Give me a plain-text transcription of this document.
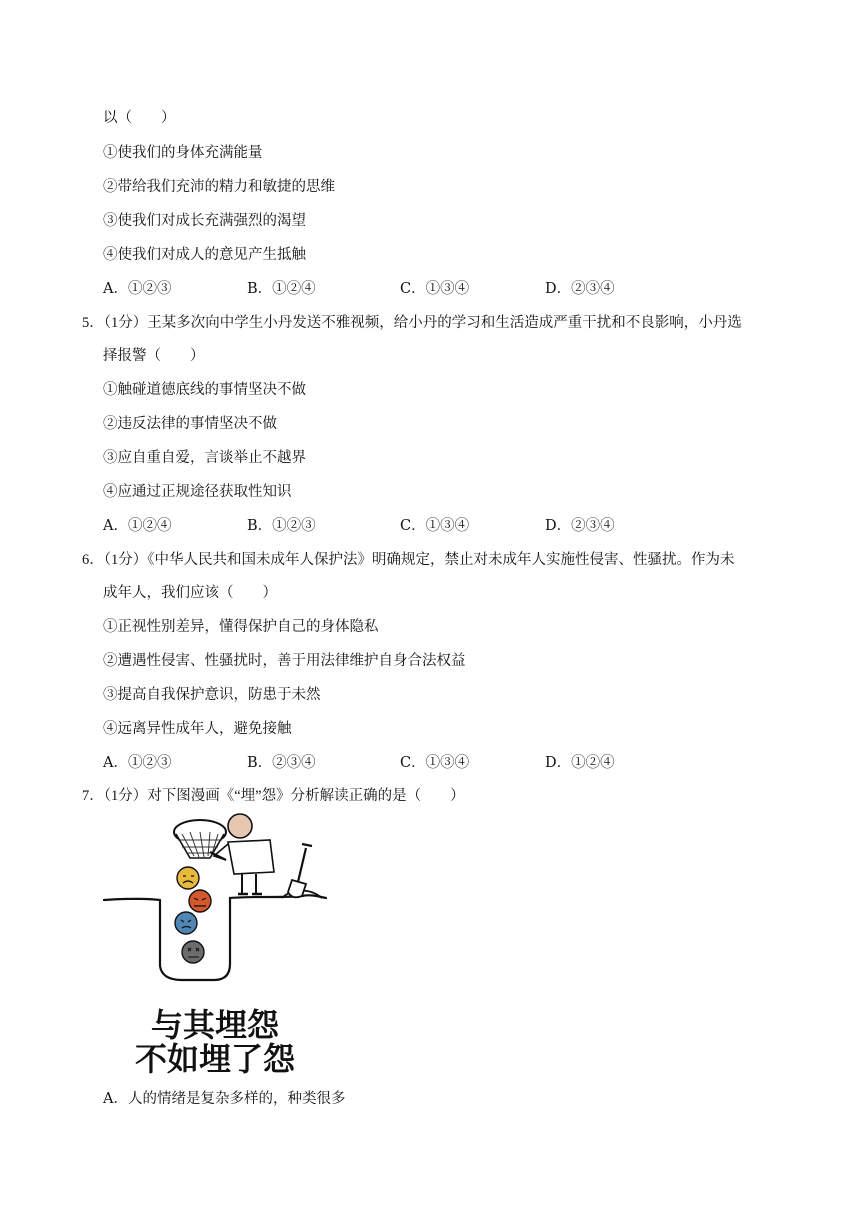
以（　　）
①使我们的身体充满能量
②带给我们充沛的精力和敏捷的思维
③使我们对成长充满强烈的渴望
④使我们对成人的意见产生抵触
A．①②③	B．①②④	C．①③④	D．②③④
5．（1分）王某多次向中学生小丹发送不雅视频，给小丹的学习和生活造成严重干扰和不良影响，小丹选
择报警（　　）
①触碰道德底线的事情坚决不做
②违反法律的事情坚决不做
③应自重自爱，言谈举止不越界
④应通过正规途径获取性知识
A．①②④	B．①②③	C．①③④	D．②③④
6．（1分）《中华人民共和国未成年人保护法》明确规定，禁止对未成年人实施性侵害、性骚扰。作为未
成年人，我们应该（　　）
①正视性别差异，懂得保护自己的身体隐私
②遭遇性侵害、性骚扰时，善于用法律维护自身合法权益
③提高自我保护意识，防患于未然
④远离异性成年人，避免接触
A．①②③	B．②③④	C．①③④	D．①②④
7．（1分）对下图漫画《“埋”怨》分析解读正确的是（　　）
与其埋怨
不如埋了怨
A．人的情绪是复杂多样的，种类很多
